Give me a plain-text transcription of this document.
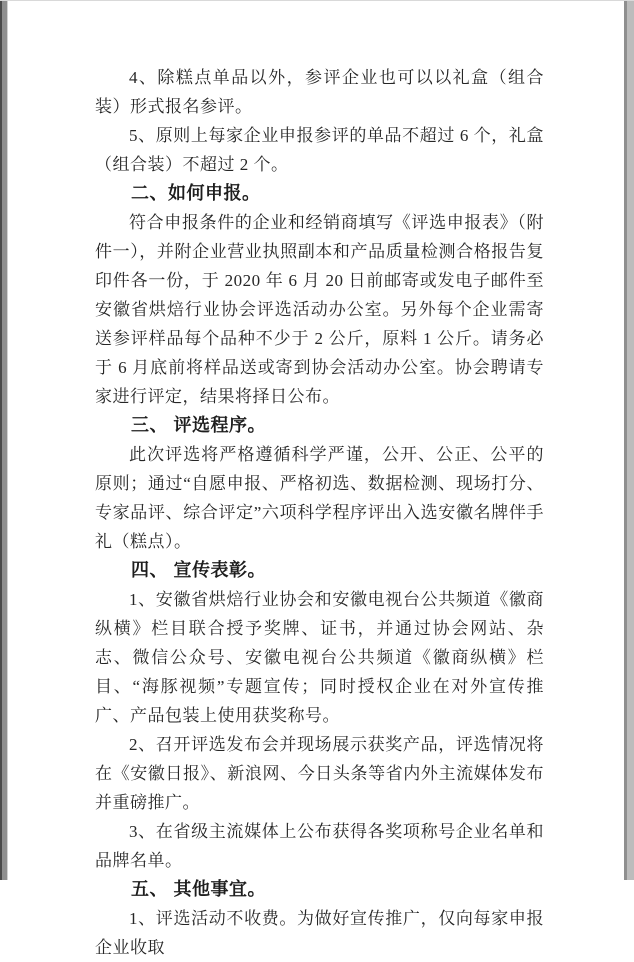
4、除糕点单品以外，参评企业也可以以礼盒（组合装）形式报名参评。

5、原则上每家企业申报参评的单品不超过 6 个，礼盒（组合装）不超过 2 个。

二、如何申报。

符合申报条件的企业和经销商填写《评选申报表》（附件一），并附企业营业执照副本和产品质量检测合格报告复印件各一份，于 2020 年 6 月 20 日前邮寄或发电子邮件至安徽省烘焙行业协会评选活动办公室。另外每个企业需寄送参评样品每个品种不少于 2 公斤，原料 1 公斤。请务必于 6 月底前将样品送或寄到协会活动办公室。协会聘请专家进行评定，结果将择日公布。

三、 评选程序。

此次评选将严格遵循科学严谨，公开、公正、公平的原则；通过“自愿申报、严格初选、数据检测、现场打分、专家品评、综合评定”六项科学程序评出入选安徽名牌伴手礼（糕点）。

四、 宣传表彰。

1、安徽省烘焙行业协会和安徽电视台公共频道《徽商纵横》栏目联合授予奖牌、证书，并通过协会网站、杂志、微信公众号、安徽电视台公共频道《徽商纵横》栏目、“海豚视频”专题宣传；同时授权企业在对外宣传推广、产品包装上使用获奖称号。

2、召开评选发布会并现场展示获奖产品，评选情况将在《安徽日报》、新浪网、今日头条等省内外主流媒体发布并重磅推广。

3、在省级主流媒体上公布获得各奖项称号企业名单和品牌名单。

五、 其他事宜。

1、评选活动不收费。为做好宣传推广，仅向每家申报企业收取
